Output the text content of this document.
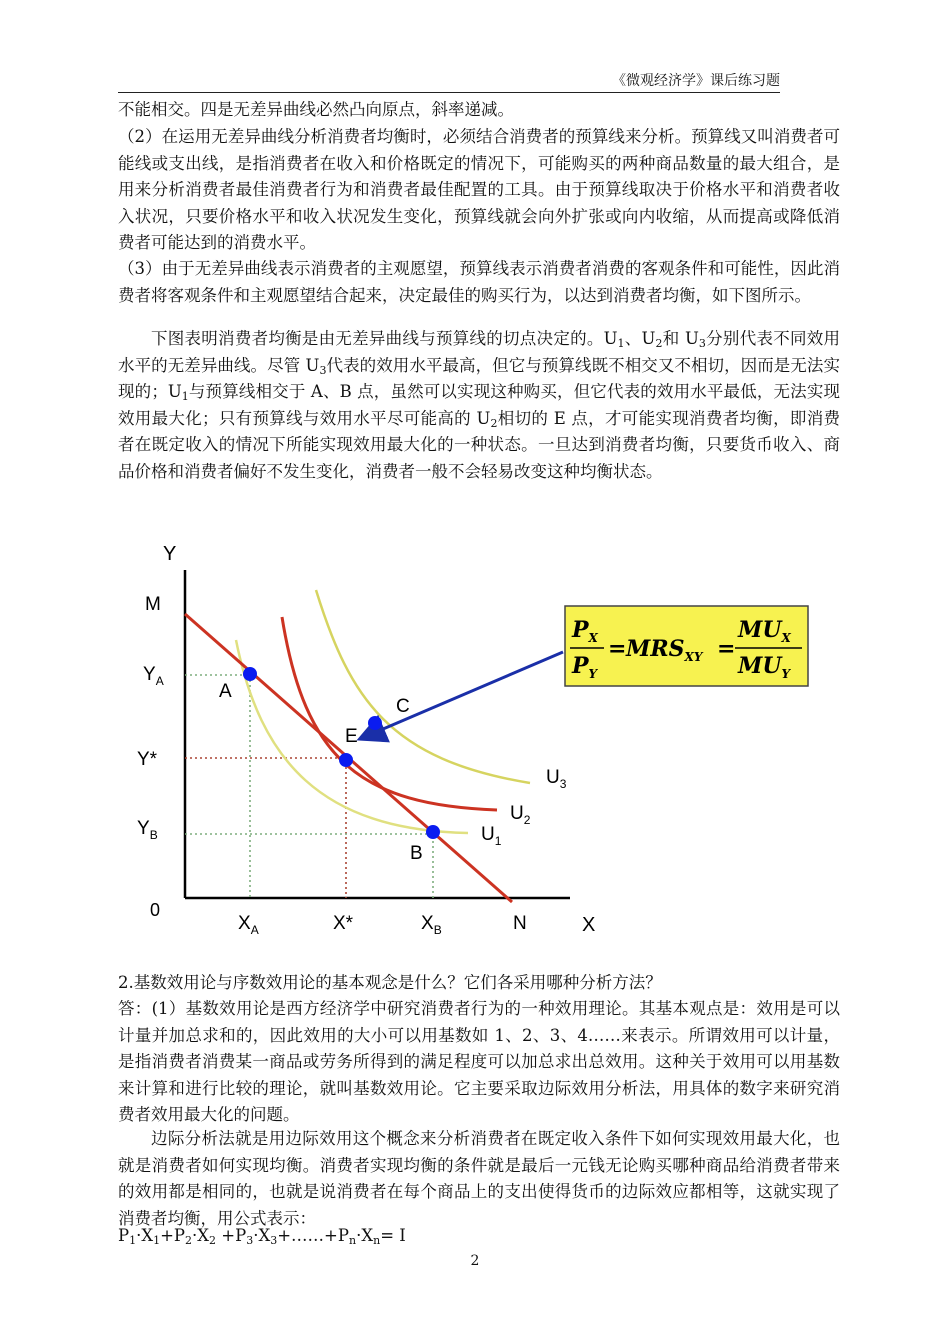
《微观经济学》课后练习题

不能相交。四是无差异曲线必然凸向原点，斜率递减。

（2）在运用无差异曲线分析消费者均衡时，必须结合消费者的预算线来分析。预算线又叫消费者可能线或支出线，是指消费者在收入和价格既定的情况下，可能购买的两种商品数量的最大组合，是用来分析消费者最佳消费者行为和消费者最佳配置的工具。由于预算线取决于价格水平和消费者收入状况，只要价格水平和收入状况发生变化，预算线就会向外扩张或向内收缩，从而提高或降低消费者可能达到的消费水平。

（3）由于无差异曲线表示消费者的主观愿望，预算线表示消费者消费的客观条件和可能性，因此消费者将客观条件和主观愿望结合起来，决定最佳的购买行为，以达到消费者均衡，如下图所示。

下图表明消费者均衡是由无差异曲线与预算线的切点决定的。$U_1$、$U_2$和 $U_3$分别代表不同效用水平的无差异曲线。尽管 $U_3$代表的效用水平最高，但它与预算线既不相交又不相切，因而是无法实现的；$U_1$与预算线相交于 A、B 点，虽然可以实现这种购买，但它代表的效用水平最低，无法实现效用最大化；只有预算线与效用水平尽可能高的 $U_2$相切的 E 点，才可能实现消费者均衡，即消费者在既定收入的情况下所能实现效用最大化的一种状态。一旦达到消费者均衡，只要货币收入、商品价格和消费者偏好不发生变化，消费者一般不会轻易改变这种均衡状态。

Y
X
0
A
E
B
C
M
$Y_A$
Y*
$Y_B$
$X_A$	X*	$X_B$	N
$U_3$
$U_2$
$U_1$
$P_X$
$P_Y$
= $MRS_{XY}$ =
$MU_X$
$MU_Y$

2.基数效用论与序数效用论的基本观念是什么？它们各采用哪种分析方法？

答：(1）基数效用论是西方经济学中研究消费者行为的一种效用理论。其基本观点是：效用是可以计量并加总求和的，因此效用的大小可以用基数如 1、2、3、4……来表示。所谓效用可以计量，是指消费者消费某一商品或劳务所得到的满足程度可以加总求出总效用。这种关于效用可以用基数来计算和进行比较的理论，就叫基数效用论。它主要采取边际效用分析法，用具体的数字来研究消费者效用最大化的问题。

边际分析法就是用边际效用这个概念来分析消费者在既定收入条件下如何实现效用最大化，也就是消费者如何实现均衡。消费者实现均衡的条件就是最后一元钱无论购买哪种商品给消费者带来的效用都是相同的，也就是说消费者在每个商品上的支出使得货币的边际效应都相等，这就实现了消费者均衡，用公式表示：

$P_1\cdot X_1+P_2\cdot X_2$ $+P_3\cdot X_3+\dots\dots+P_n\cdot X_n= I$

2
